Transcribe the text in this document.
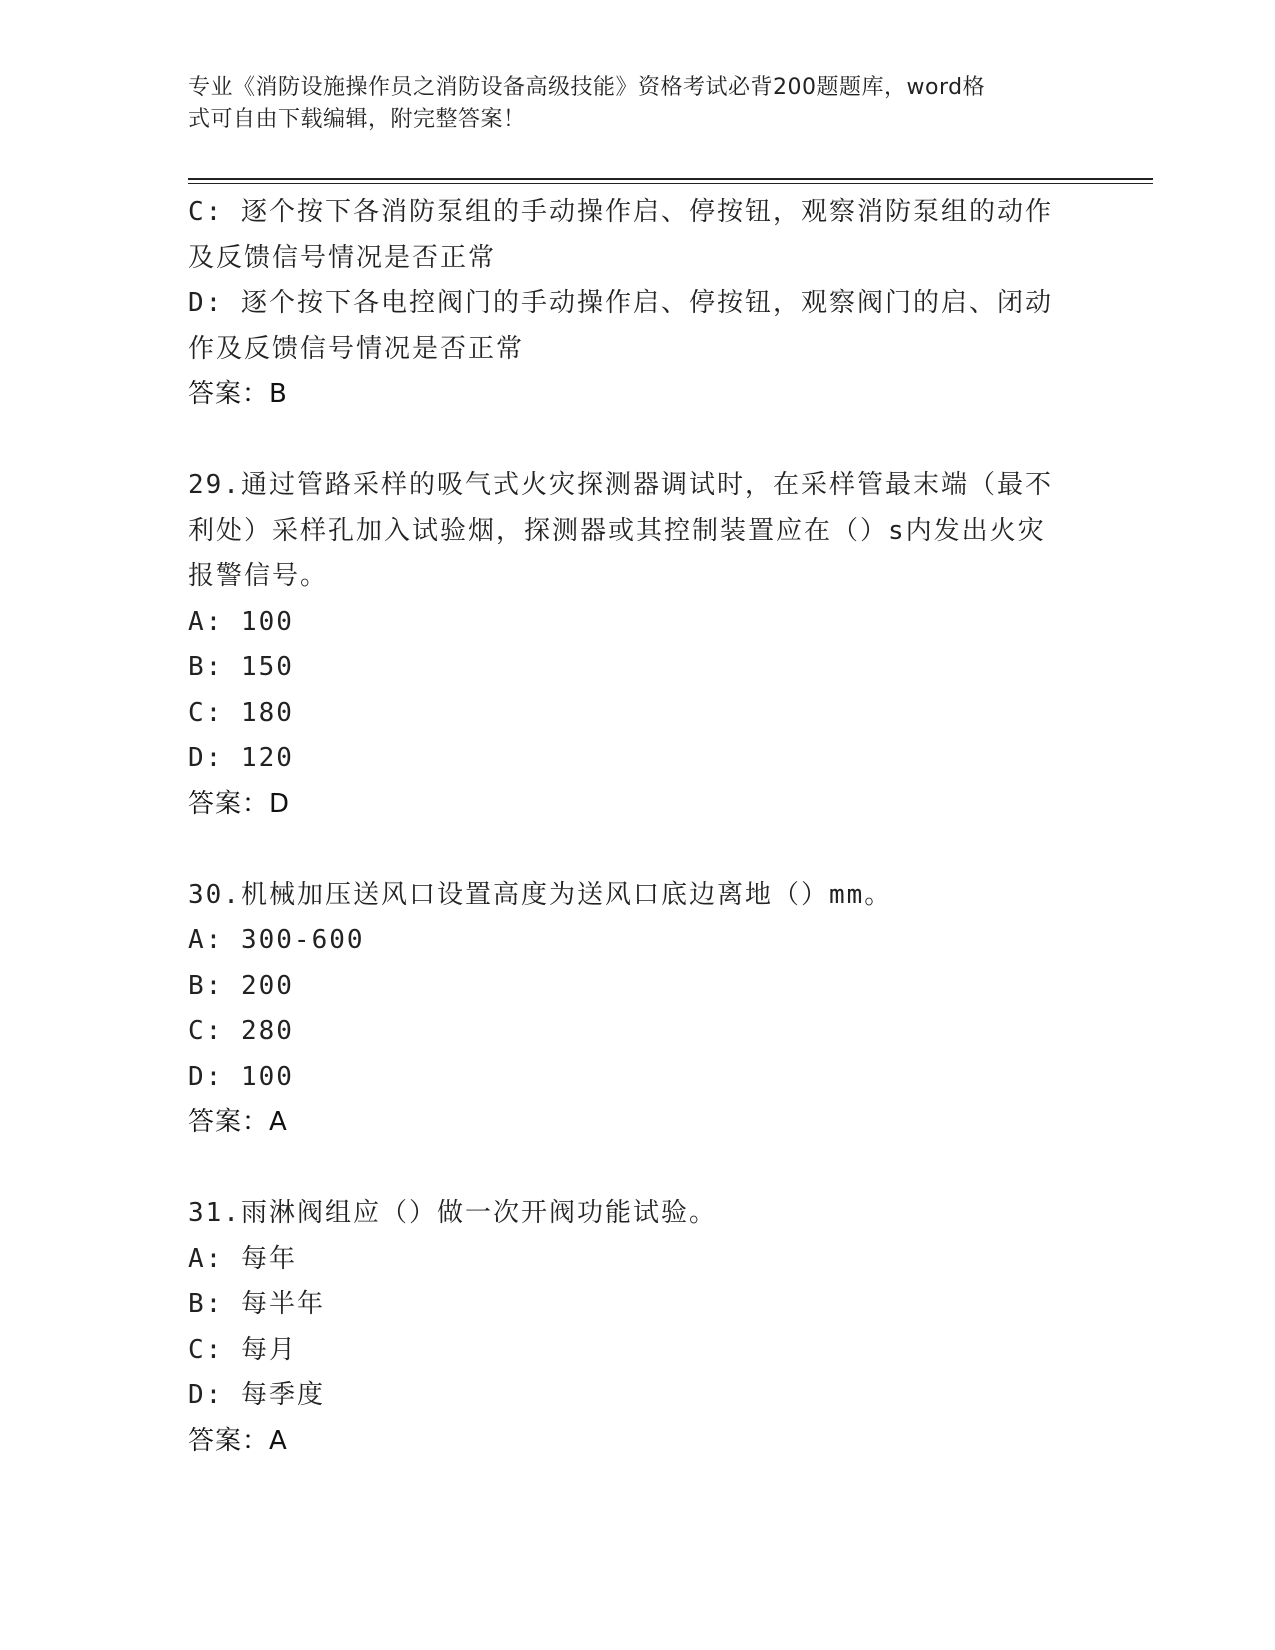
专业《消防设施操作员之消防设备高级技能》资格考试必背200题题库，word格
式可自由下载编辑，附完整答案！
C: 逐个按下各消防泵组的手动操作启、停按钮，观察消防泵组的动作
及反馈信号情况是否正常
D: 逐个按下各电控阀门的手动操作启、停按钮，观察阀门的启、闭动
作及反馈信号情况是否正常
答案：B
29.通过管路采样的吸气式火灾探测器调试时，在采样管最末端（最不
利处）采样孔加入试验烟，探测器或其控制装置应在（）s内发出火灾
报警信号。
A: 100
B: 150
C: 180
D: 120
答案：D
30.机械加压送风口设置高度为送风口底边离地（）mm。
A: 300-600
B: 200
C: 280
D: 100
答案：A
31.雨淋阀组应（）做一次开阀功能试验。
A: 每年
B: 每半年
C: 每月
D: 每季度
答案：A
